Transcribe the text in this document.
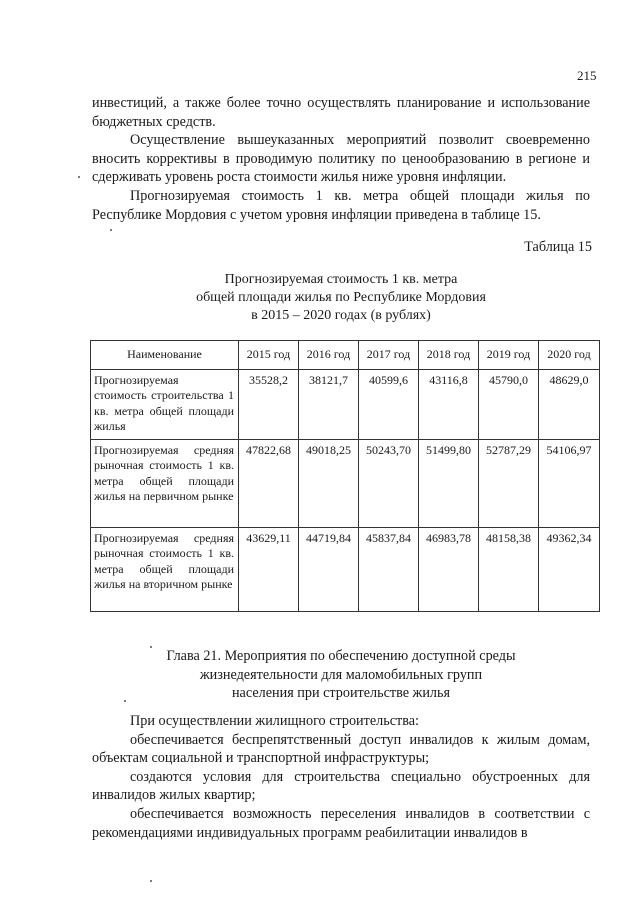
215

инвестиций, а также более точно осуществлять планирование и использование бюджетных средств.

Осуществление вышеуказанных мероприятий позволит своевременно вносить коррективы в проводимую политику по ценообразованию в регионе и сдерживать уровень роста стоимости жилья ниже уровня инфляции.

Прогнозируемая стоимость 1 кв. метра общей площади жилья по Республике Мордовия с учетом уровня инфляции приведена в таблице 15.

Таблица 15
Прогнозируемая стоимость 1 кв. метра
общей площади жилья по Республике Мордовия
в 2015 – 2020 годах (в рублях)
Наименование	2015 год	2016 год	2017 год	2018 год	2019 год	2020 год
Прогнозируемая стоимость строительства 1 кв. метра общей площади жилья	35528,2	38121,7	40599,6	43116,8	45790,0	48629,0
Прогнозируемая средняя рыночная стоимость 1 кв. метра общей площади жилья на первичном рынке	47822,68	49018,25	50243,70	51499,80	52787,29	54106,97
Прогнозируемая средняя рыночная стоимость 1 кв. метра общей площади жилья на вторичном рынке	43629,11	44719,84	45837,84	46983,78	48158,38	49362,34
Глава 21. Мероприятия по обеспечению доступной среды
жизнедеятельности для маломобильных групп
населения при строительстве жилья

При осуществлении жилищного строительства:

обеспечивается беспрепятственный доступ инвалидов к жилым домам, объектам социальной и транспортной инфраструктуры;

создаются условия для строительства специально обустроенных для инвалидов жилых квартир;

обеспечивается возможность переселения инвалидов в соответствии с рекомендациями индивидуальных программ реабилитации инвалидов в
